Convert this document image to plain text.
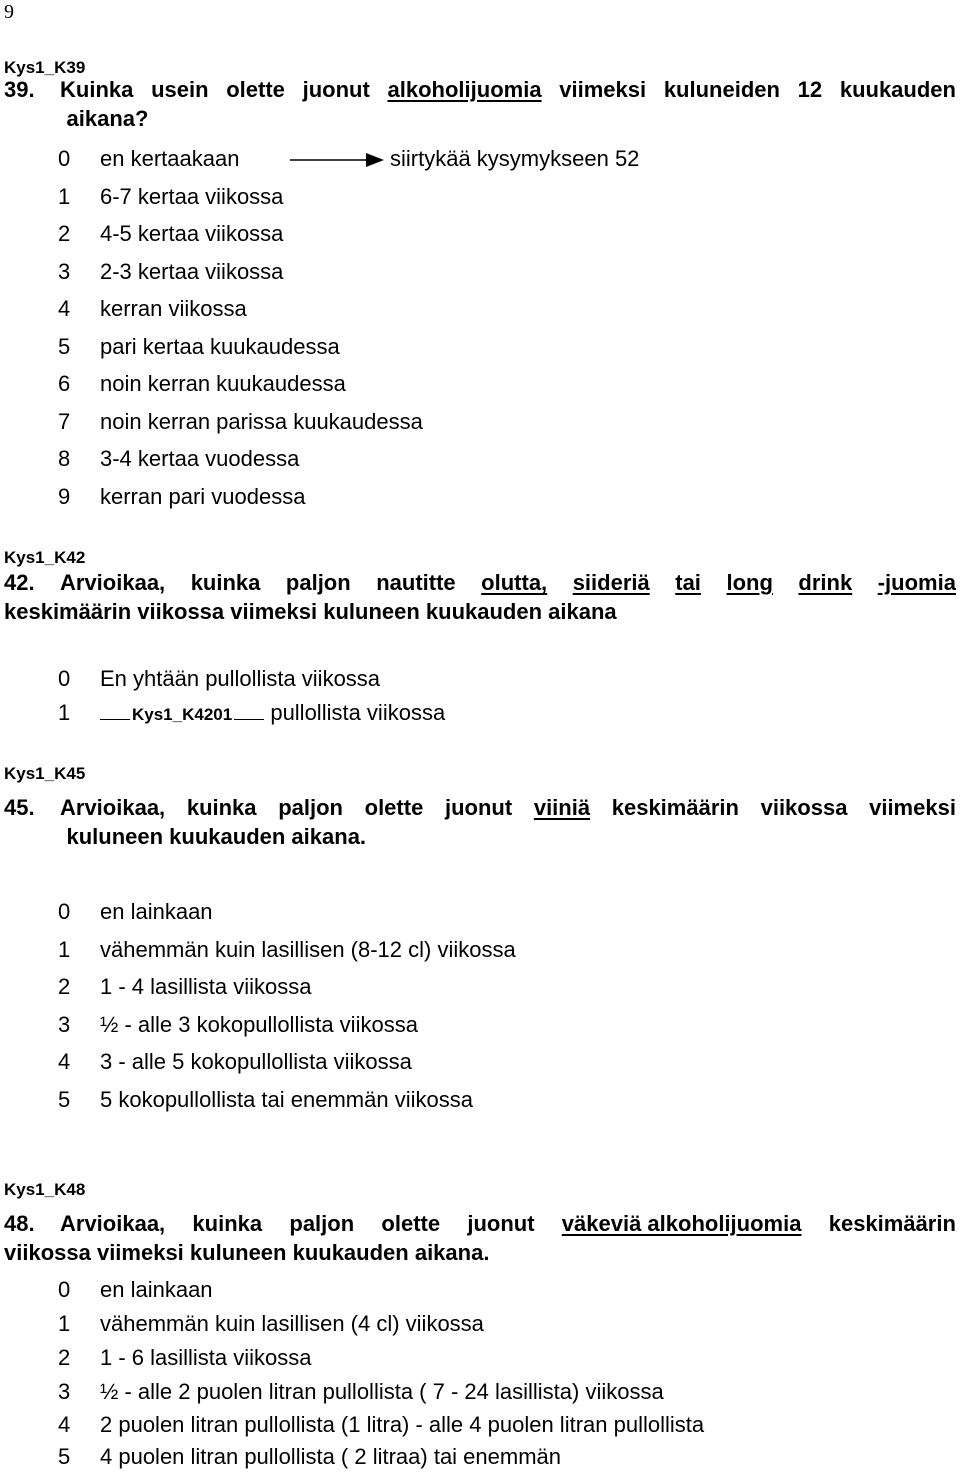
9
Kys1_K39
39. Kuinka usein olette juonut alkoholijuomia viimeksi kuluneiden 12 kuukauden
aikana?
0 en kertaakaan	siirtykää kysymykseen 52
1 6-7 kertaa viikossa
2 4-5 kertaa viikossa
3 2-3 kertaa viikossa
4 kerran viikossa
5 pari kertaa kuukaudessa
6 noin kerran kuukaudessa
7 noin kerran parissa kuukaudessa
8 3-4 kertaa vuodessa
9 kerran pari vuodessa
Kys1_K42
42. Arvioikaa, kuinka paljon nautitte olutta, siideriä tai long drink -juomia
keskimäärin viikossa viimeksi kuluneen kuukauden aikana
0 En yhtään pullollista viikossa
1	Kys1_K4201 pullollista viikossa
Kys1_K45
45. Arvioikaa, kuinka paljon olette juonut viiniä keskimäärin viikossa viimeksi
kuluneen kuukauden aikana.
0 en lainkaan
1 vähemmän kuin lasillisen (8-12 cl) viikossa
2 1 - 4 lasillista viikossa
3 ½ - alle 3 kokopullollista viikossa
4 3 - alle 5 kokopullollista viikossa
5 5 kokopullollista tai enemmän viikossa
Kys1_K48
48. Arvioikaa, kuinka paljon olette juonut väkeviä alkoholijuomia keskimäärin
viikossa viimeksi kuluneen kuukauden aikana.
0 en lainkaan
1 vähemmän kuin lasillisen (4 cl) viikossa
2 1 - 6 lasillista viikossa
3 ½ - alle 2 puolen litran pullollista ( 7 - 24 lasillista) viikossa
4 2 puolen litran pullollista (1 litra) - alle 4 puolen litran pullollista
5 4 puolen litran pullollista ( 2 litraa) tai enemmän
